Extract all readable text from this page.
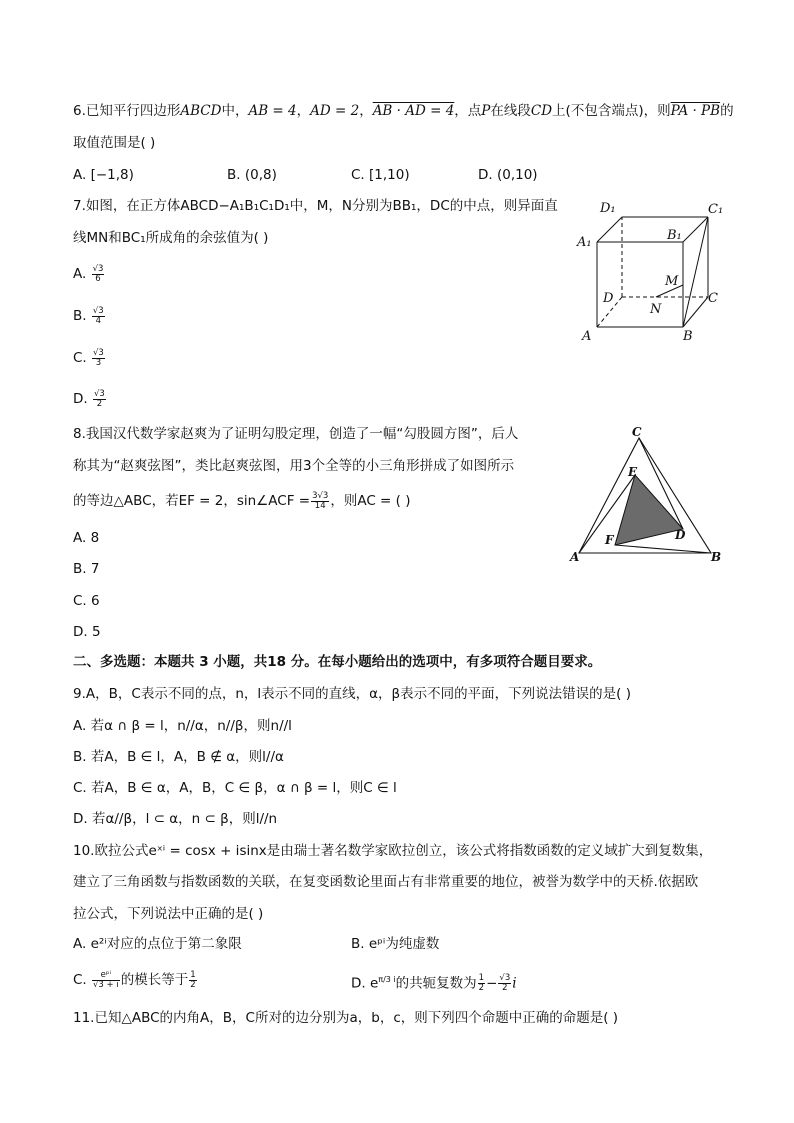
6.已知平行四边形ABCD中，AB = 4，AD = 2，AB · AD = 4，点P在线段CD上(不包含端点)，则PA · PB的
取值范围是( )
A. [−1,8)	B. (0,8)	C. [1,10)	D. (0,10)
7.如图，在正方体ABCD−A₁B₁C₁D₁中，M，N分别为BB₁，DC的中点，则异面直
线MN和BC₁所成角的余弦值为( )
A. $\frac{√3}{6}$
B. $\frac{√3}{4}$
C. $\frac{√3}{3}$
D. $\frac{√3}{2}$
D₁	C₁
A₁	B₁
M
D	C
N
A	B
8.我国汉代数学家赵爽为了证明勾股定理，创造了一幅“勾股圆方图”，后人
称其为“赵爽弦图”，类比赵爽弦图，用3个全等的小三角形拼成了如图所示
的等边△ABC，若EF = 2，sin∠ACF = $\frac{3√3}{14}$ ，则AC = ( )
A. 8
B. 7
C. 6
D. 5
C
E
F	D
A	B
二、多选题：本题共 3 小题，共18 分。在每小题给出的选项中，有多项符合题目要求。
9.A，B，C表示不同的点，n，l表示不同的直线，α，β表示不同的平面，下列说法错误的是( )
A. 若α ∩ β = l，n//α，n//β，则n//l
B. 若A，B ∈ l，A，B ∉ α，则l//α
C. 若A，B ∈ α，A，B，C ∈ β，α ∩ β = l，则C ∈ l
D. 若α//β，l ⊂ α，n ⊂ β，则l//n
10.欧拉公式eˣⁱ = cosx + isinx是由瑞士著名数学家欧拉创立，该公式将指数函数的定义域扩大到复数集，
建立了三角函数与指数函数的关联，在复变函数论里面占有非常重要的地位，被誉为数学中的天桥.依据欧
拉公式，下列说法中正确的是( )
A. e²ⁱ对应的点位于第二象限	B. eᵖⁱ为纯虚数
C. $\frac{\text{eᵖⁱ}}{√3 + i}$ 的模长等于 $\frac{1}{2}$	D. $e^{\pi/3 i}$的共轭复数为 $\frac{1}{2} - \frac{√3}{2}$ i
11.已知△ABC的内角A，B，C所对的边分别为a，b，c，则下列四个命题中正确的命题是( )
